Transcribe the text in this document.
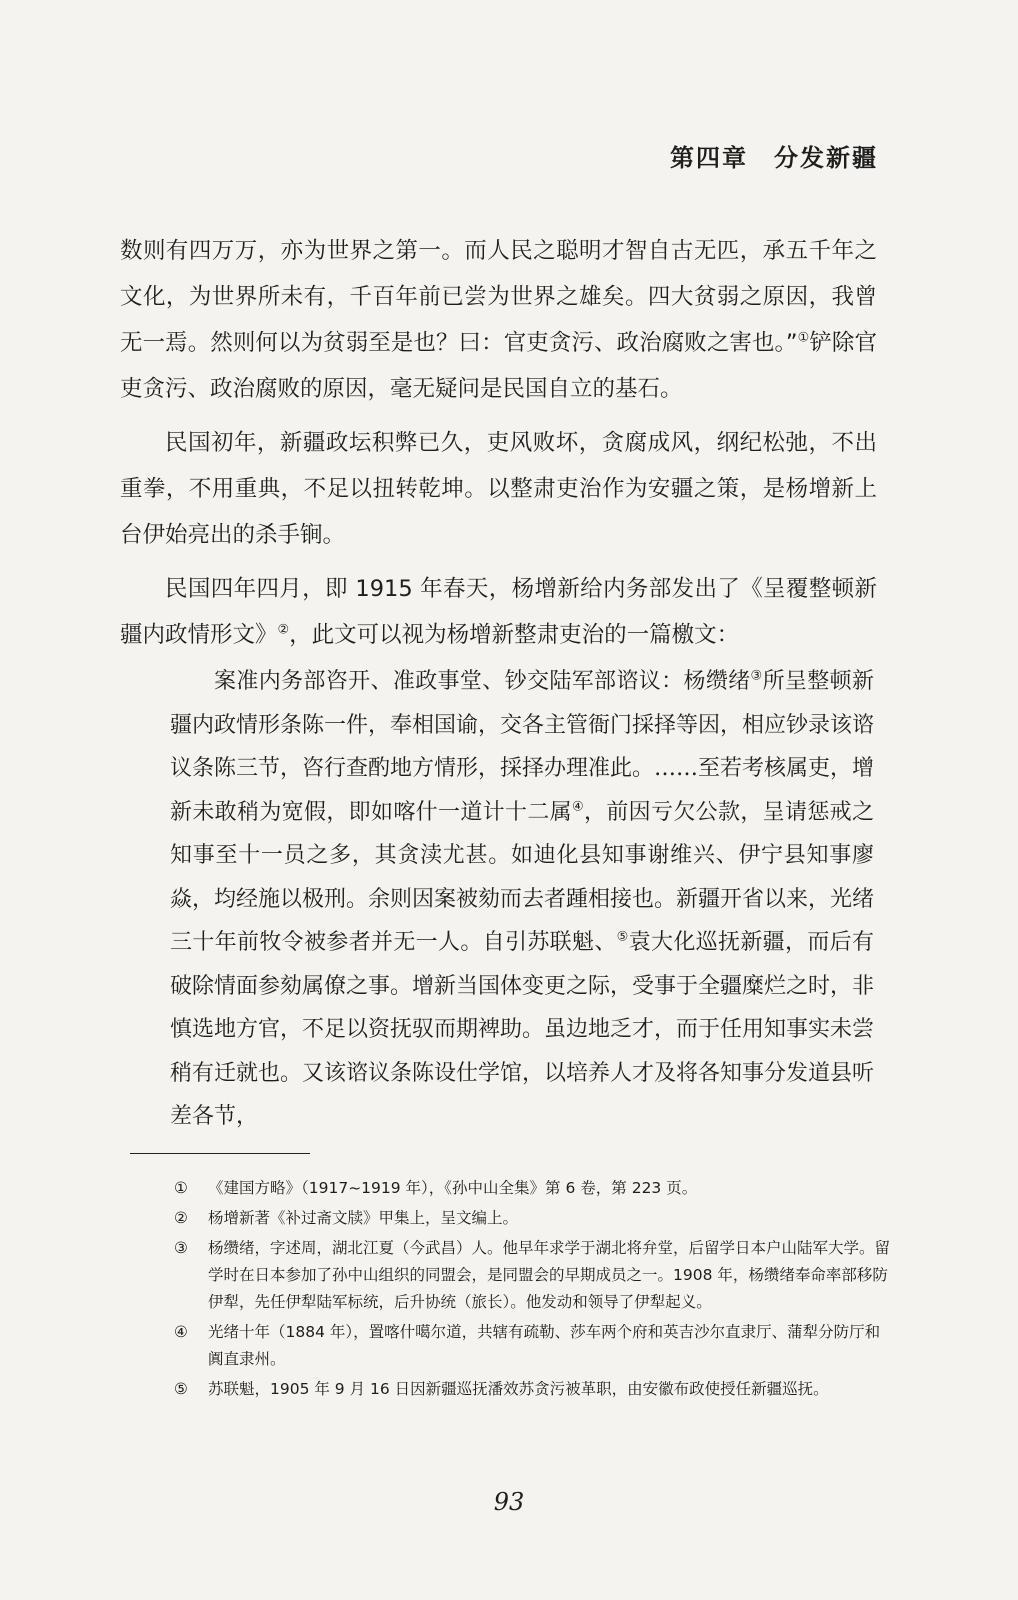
第四章 分发新疆

数则有四万万，亦为世界之第一。而人民之聪明才智自古无匹，承五千年之文化，为世界所未有，千百年前已尝为世界之雄矣。四大贫弱之原因，我曾无一焉。然则何以为贫弱至是也？曰：官吏贪污、政治腐败之害也。”①铲除官吏贪污、政治腐败的原因，毫无疑问是民国自立的基石。

民国初年，新疆政坛积弊已久，吏风败坏，贪腐成风，纲纪松弛，不出重拳，不用重典，不足以扭转乾坤。以整肃吏治作为安疆之策，是杨增新上台伊始亮出的杀手锏。

民国四年四月，即 1915 年春天，杨增新给内务部发出了《呈覆整顿新疆内政情形文》②，此文可以视为杨增新整肃吏治的一篇檄文：

案准内务部咨开、准政事堂、钞交陆军部谘议：杨缵绪③所呈整顿新疆内政情形条陈一件，奉相国谕，交各主管衙门採择等因，相应钞录该谘议条陈三节，咨行查酌地方情形，採择办理准此。……至若考核属吏，增新未敢稍为宽假，即如喀什一道计十二属④，前因亏欠公款，呈请惩戒之知事至十一员之多，其贪渎尤甚。如迪化县知事谢维兴、伊宁县知事廖焱，均经施以极刑。余则因案被劾而去者踵相接也。新疆开省以来，光绪三十年前牧令被参者并无一人。自引苏联魁、⑤袁大化巡抚新疆，而后有破除情面参劾属僚之事。增新当国体变更之际，受事于全疆糜烂之时，非慎选地方官，不足以资抚驭而期裨助。虽边地乏才，而于任用知事实未尝稍有迁就也。又该谘议条陈设仕学馆，以培养人才及将各知事分发道县听差各节，

① 《建国方略》（1917~1919 年），《孙中山全集》第 6 卷，第 223 页。
② 杨增新著《补过斋文牍》甲集上，呈文编上。
③ 杨缵绪，字述周，湖北江夏（今武昌）人。他早年求学于湖北将弁堂，后留学日本户山陆军大学。留学时在日本参加了孙中山组织的同盟会，是同盟会的早期成员之一。1908 年，杨缵绪奉命率部移防伊犁，先任伊犁陆军标统，后升协统（旅长）。他发动和领导了伊犁起义。
④ 光绪十年（1884 年），置喀什噶尔道，共辖有疏勒、莎车两个府和英吉沙尔直隶厅、蒲犁分防厅和阗直隶州。
⑤ 苏联魁，1905 年 9 月 16 日因新疆巡抚潘效苏贪污被革职，由安徽布政使授任新疆巡抚。
93
